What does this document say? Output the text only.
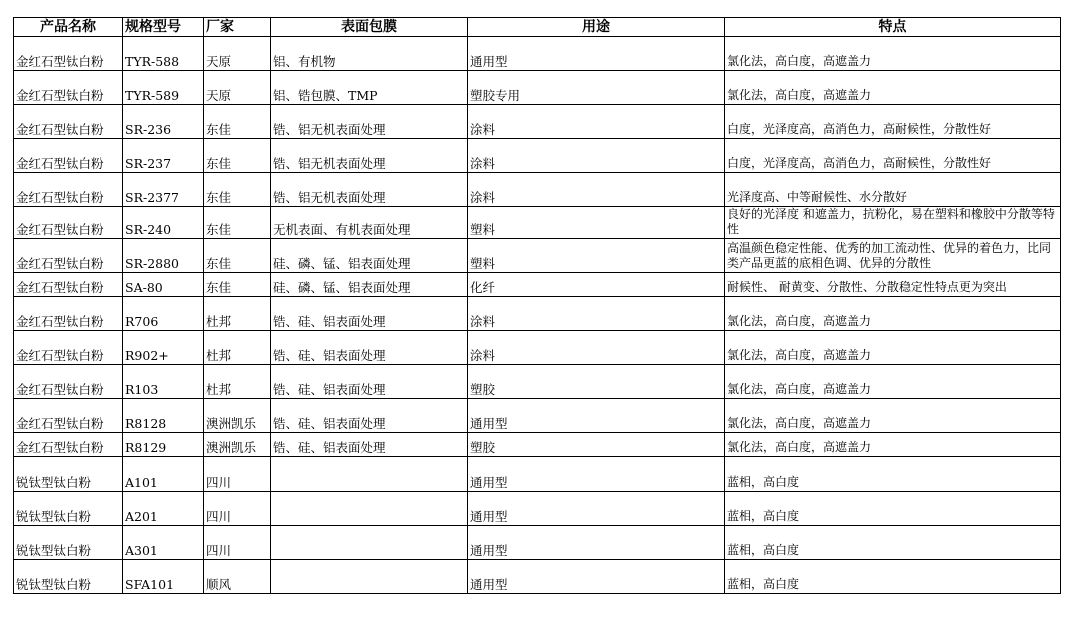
产品名称	规格型号	厂家	表面包膜	用途	特点
金红石型钛白粉	TYR-588	天原	铝、有机物	通用型	氯化法，高白度，高遮盖力
金红石型钛白粉	TYR-589	天原	铝、锆包膜、TMP	塑胶专用	氯化法，高白度，高遮盖力
金红石型钛白粉	SR-236	东佳	锆、铝无机表面处理	涂料	白度，光泽度高，高消色力，高耐候性，分散性好
金红石型钛白粉	SR-237	东佳	锆、铝无机表面处理	涂料	白度，光泽度高，高消色力，高耐候性，分散性好
金红石型钛白粉	SR-2377	东佳	锆、铝无机表面处理	涂料	光泽度高、中等耐候性、水分散好
金红石型钛白粉	SR-240	东佳	无机表面、有机表面处理	塑料	良好的光泽度 和遮盖力，抗粉化，易在塑料和橡胶中分散等特性
金红石型钛白粉	SR-2880	东佳	硅、磷、锰、铝表面处理	塑料	高温颜色稳定性能、优秀的加工流动性、优异的着色力，比同类产品更蓝的底相色调、优异的分散性
金红石型钛白粉	SA-80	东佳	硅、磷、锰、铝表面处理	化纤	耐候性、 耐黄变、分散性、分散稳定性特点更为突出
金红石型钛白粉	R706	杜邦	锆、硅、铝表面处理	涂料	氯化法，高白度，高遮盖力
金红石型钛白粉	R902+	杜邦	锆、硅、铝表面处理	涂料	氯化法，高白度，高遮盖力
金红石型钛白粉	R103	杜邦	锆、硅、铝表面处理	塑胶	氯化法，高白度，高遮盖力
金红石型钛白粉	R8128	澳洲凯乐	锆、硅、铝表面处理	通用型	氯化法，高白度，高遮盖力
金红石型钛白粉	R8129	澳洲凯乐	锆、硅、铝表面处理	塑胶	氯化法，高白度，高遮盖力
锐钛型钛白粉	A101	四川		通用型	蓝相，高白度
锐钛型钛白粉	A201	四川		通用型	蓝相，高白度
锐钛型钛白粉	A301	四川		通用型	蓝相，高白度
锐钛型钛白粉	SFA101	顺风		通用型	蓝相，高白度
